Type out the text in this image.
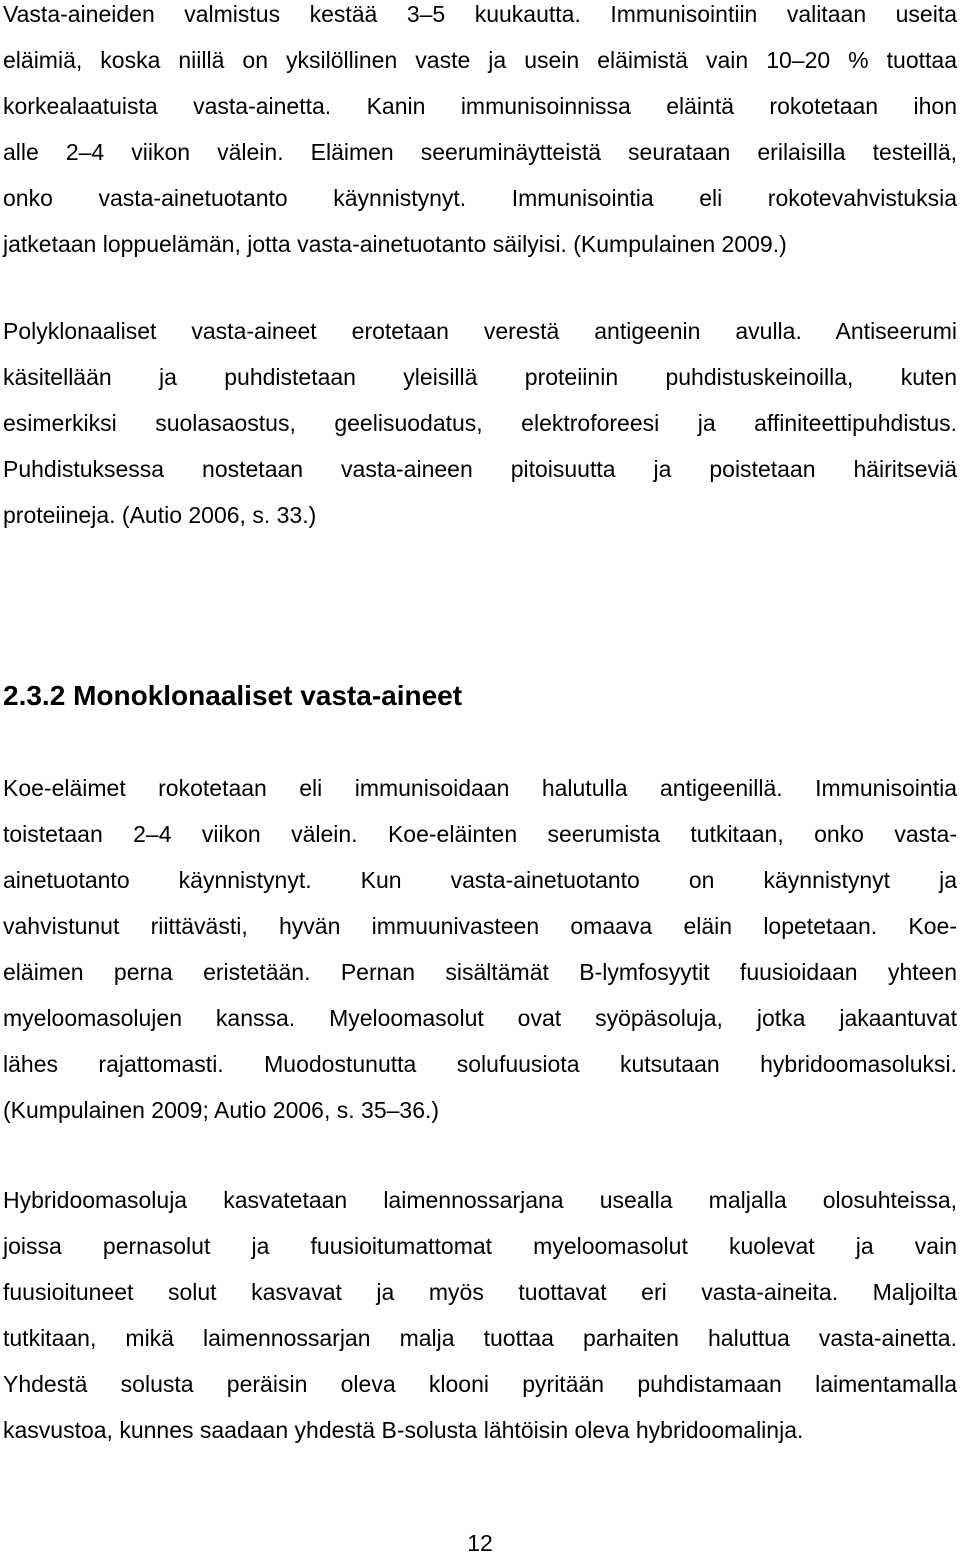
Vasta-aineiden valmistus kestää 3–5 kuukautta. Immunisointiin valitaan useita
eläimiä, koska niillä on yksilöllinen vaste ja usein eläimistä vain 10–20 % tuottaa
korkealaatuista vasta-ainetta. Kanin immunisoinnissa eläintä rokotetaan ihon
alle 2–4 viikon välein. Eläimen seeruminäytteistä seurataan erilaisilla testeillä,
onko vasta-ainetuotanto käynnistynyt. Immunisointia eli rokotevahvistuksia
jatketaan loppuelämän, jotta vasta-ainetuotanto säilyisi. (Kumpulainen 2009.)
Polyklonaaliset vasta-aineet erotetaan verestä antigeenin avulla. Antiseerumi
käsitellään ja puhdistetaan yleisillä proteiinin puhdistuskeinoilla, kuten
esimerkiksi suolasaostus, geelisuodatus, elektroforeesi ja affiniteettipuhdistus.
Puhdistuksessa nostetaan vasta-aineen pitoisuutta ja poistetaan häiritseviä
proteiineja. (Autio 2006, s. 33.)
2.3.2 Monoklonaaliset vasta-aineet
Koe-eläimet rokotetaan eli immunisoidaan halutulla antigeenillä. Immunisointia
toistetaan 2–4 viikon välein. Koe-eläinten seerumista tutkitaan, onko vasta-
ainetuotanto käynnistynyt. Kun vasta-ainetuotanto on käynnistynyt ja
vahvistunut riittävästi, hyvän immuunivasteen omaava eläin lopetetaan. Koe-
eläimen perna eristetään. Pernan sisältämät B-lymfosyytit fuusioidaan yhteen
myeloomasolujen kanssa. Myeloomasolut ovat syöpäsoluja, jotka jakaantuvat
lähes rajattomasti. Muodostunutta solufuusiota kutsutaan hybridoomasoluksi.
(Kumpulainen 2009; Autio 2006, s. 35–36.)
Hybridoomasoluja kasvatetaan laimennossarjana usealla maljalla olosuhteissa,
joissa pernasolut ja fuusioitumattomat myeloomasolut kuolevat ja vain
fuusioituneet solut kasvavat ja myös tuottavat eri vasta-aineita. Maljoilta
tutkitaan, mikä laimennossarjan malja tuottaa parhaiten haluttua vasta-ainetta.
Yhdestä solusta peräisin oleva klooni pyritään puhdistamaan laimentamalla
kasvustoa, kunnes saadaan yhdestä B-solusta lähtöisin oleva hybridoomalinja.
12
